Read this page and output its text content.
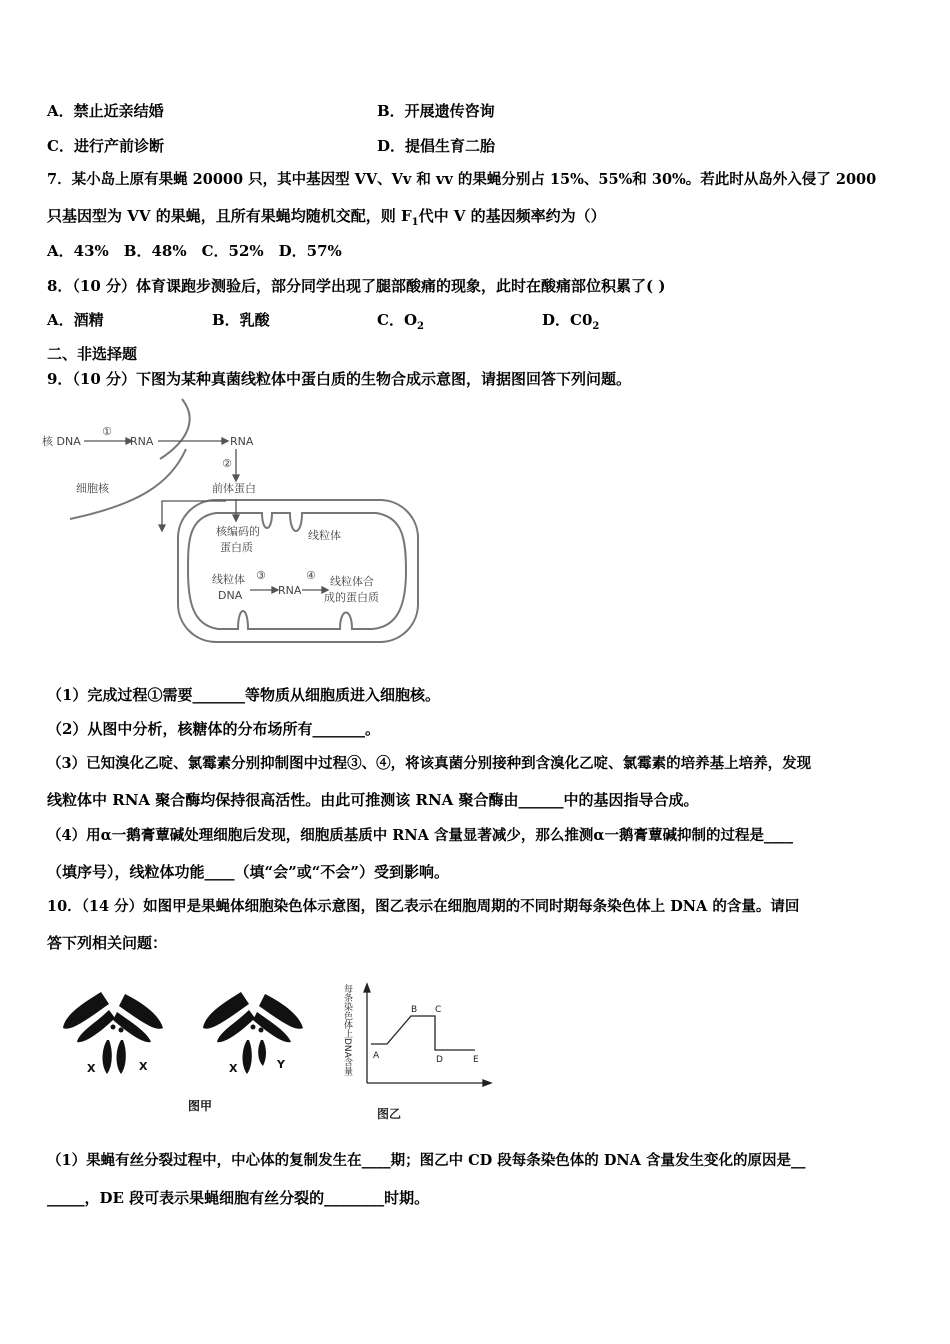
A．禁止近亲结婚	B．开展遗传咨询
C．进行产前诊断	D．提倡生育二胎
7．某小岛上原有果蝇 20000 只，其中基因型 VV、Vv 和 vv 的果蝇分别占 15%、55%和 30%。若此时从岛外入侵了 2000
只基因型为 VV 的果蝇，且所有果蝇均随机交配，则 $F_1$代中 V 的基因频率约为（）
A．43%　B．48%　C．52%　D．57%
8．（10 分）体育课跑步测验后，部分同学出现了腿部酸痛的现象，此时在酸痛部位积累了( )
A．酒精	B．乳酸	C．$O_2$	D．$C0_2$
二、非选择题
9．（10 分）下图为某种真菌线粒体中蛋白质的生物合成示意图，请据图回答下列问题。
核 DNA	RNA	RNA
①
②
细胞核	前体蛋白
核编码的
蛋白质
线粒体
线粒体
DNA
③
RNA
④ 线粒体合
成的蛋白质
（1）完成过程①需要_______等物质从细胞质进入细胞核。
（2）从图中分析，核糖体的分布场所有_______。
（3）已知溴化乙啶、氯霉素分别抑制图中过程③、④，将该真菌分别接种到含溴化乙啶、氯霉素的培养基上培养，发现
线粒体中 RNA 聚合酶均保持很高活性。由此可推测该 RNA 聚合酶由______中的基因指导合成。
（4）用α一鹅膏蕈碱处理细胞后发现，细胞质基质中 RNA 含量显著减少，那么推测α一鹅膏蕈碱抑制的过程是____
（填序号），线粒体功能____（填“会”或“不会”）受到影响。
10．（14 分）如图甲是果蝇体细胞染色体示意图，图乙表示在细胞周期的不同时期每条染色体上 DNA 的含量。请回
答下列相关问题：
X	X	X	Y
图甲
A
B C
D	E
每条染色体上DNA含量
图乙
（1）果蝇有丝分裂过程中，中心体的复制发生在____期；图乙中 CD 段每条染色体的 DNA 含量发生变化的原因是__
_____，DE 段可表示果蝇细胞有丝分裂的________时期。
